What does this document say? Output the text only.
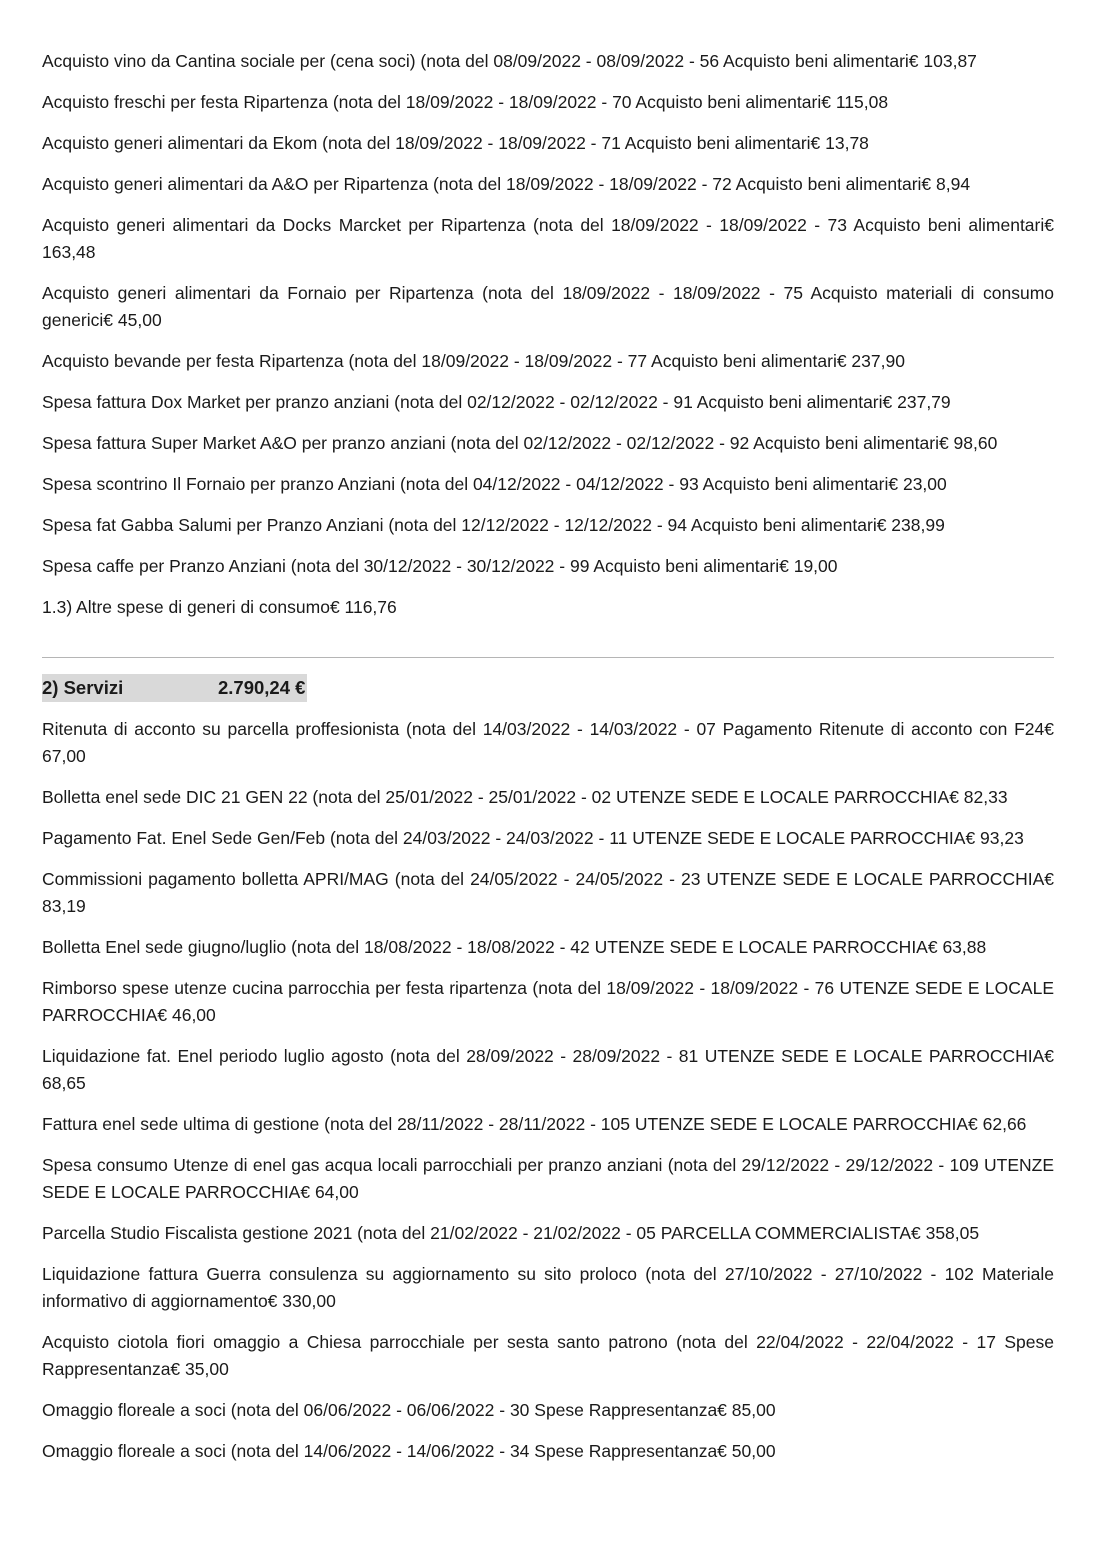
Acquisto vino da Cantina sociale per (cena soci) (nota del 08/09/2022 - 08/09/2022 - 56 Acquisto beni alimentari€ 103,87
Acquisto freschi per festa Ripartenza (nota del 18/09/2022 - 18/09/2022 - 70 Acquisto beni alimentari€ 115,08
Acquisto generi alimentari da Ekom (nota del 18/09/2022 - 18/09/2022 - 71 Acquisto beni alimentari€ 13,78
Acquisto generi alimentari da A&O per Ripartenza (nota del 18/09/2022 - 18/09/2022 - 72 Acquisto beni alimentari€ 8,94
Acquisto generi alimentari da Docks Marcket per Ripartenza (nota del 18/09/2022 - 18/09/2022 - 73 Acquisto beni alimentari€ 163,48
Acquisto generi alimentari da Fornaio per Ripartenza (nota del 18/09/2022 - 18/09/2022 - 75 Acquisto materiali di consumo generici€ 45,00
Acquisto bevande per festa Ripartenza (nota del 18/09/2022 - 18/09/2022 - 77 Acquisto beni alimentari€ 237,90
Spesa fattura Dox Market per pranzo anziani (nota del 02/12/2022 - 02/12/2022 - 91 Acquisto beni alimentari€ 237,79
Spesa fattura Super Market A&O per pranzo anziani (nota del 02/12/2022 - 02/12/2022 - 92 Acquisto beni alimentari€ 98,60
Spesa scontrino Il Fornaio per pranzo Anziani (nota del 04/12/2022 - 04/12/2022 - 93 Acquisto beni alimentari€ 23,00
Spesa fat Gabba Salumi per Pranzo Anziani (nota del 12/12/2022 - 12/12/2022 - 94 Acquisto beni alimentari€ 238,99
Spesa caffe per Pranzo Anziani (nota del 30/12/2022 - 30/12/2022 - 99 Acquisto beni alimentari€ 19,00
1.3) Altre spese di generi di consumo€ 116,76
2) Servizi	2.790,24 €
Ritenuta di acconto su parcella proffesionista (nota del 14/03/2022 - 14/03/2022 - 07 Pagamento Ritenute di acconto con F24€ 67,00
Bolletta enel sede DIC 21 GEN 22 (nota del 25/01/2022 - 25/01/2022 - 02 UTENZE SEDE E LOCALE PARROCCHIA€ 82,33
Pagamento Fat. Enel Sede Gen/Feb (nota del 24/03/2022 - 24/03/2022 - 11 UTENZE SEDE E LOCALE PARROCCHIA€ 93,23
Commissioni pagamento bolletta APRI/MAG (nota del 24/05/2022 - 24/05/2022 - 23 UTENZE SEDE E LOCALE PARROCCHIA€ 83,19
Bolletta Enel sede giugno/luglio (nota del 18/08/2022 - 18/08/2022 - 42 UTENZE SEDE E LOCALE PARROCCHIA€ 63,88
Rimborso spese utenze cucina parrocchia per festa ripartenza (nota del 18/09/2022 - 18/09/2022 - 76 UTENZE SEDE E LOCALE PARROCCHIA€ 46,00
Liquidazione fat. Enel periodo luglio agosto (nota del 28/09/2022 - 28/09/2022 - 81 UTENZE SEDE E LOCALE PARROCCHIA€ 68,65
Fattura enel sede ultima di gestione (nota del 28/11/2022 - 28/11/2022 - 105 UTENZE SEDE E LOCALE PARROCCHIA€ 62,66
Spesa consumo Utenze di enel gas acqua locali parrocchiali per pranzo anziani (nota del 29/12/2022 - 29/12/2022 - 109 UTENZE SEDE E LOCALE PARROCCHIA€ 64,00
Parcella Studio Fiscalista gestione 2021 (nota del 21/02/2022 - 21/02/2022 - 05 PARCELLA COMMERCIALISTA€ 358,05
Liquidazione fattura Guerra consulenza su aggiornamento su sito proloco (nota del 27/10/2022 - 27/10/2022 - 102 Materiale informativo di aggiornamento€ 330,00
Acquisto ciotola fiori omaggio a Chiesa parrocchiale per sesta santo patrono (nota del 22/04/2022 - 22/04/2022 - 17 Spese Rappresentanza€ 35,00
Omaggio floreale a soci (nota del 06/06/2022 - 06/06/2022 - 30 Spese Rappresentanza€ 85,00
Omaggio floreale a soci (nota del 14/06/2022 - 14/06/2022 - 34 Spese Rappresentanza€ 50,00
